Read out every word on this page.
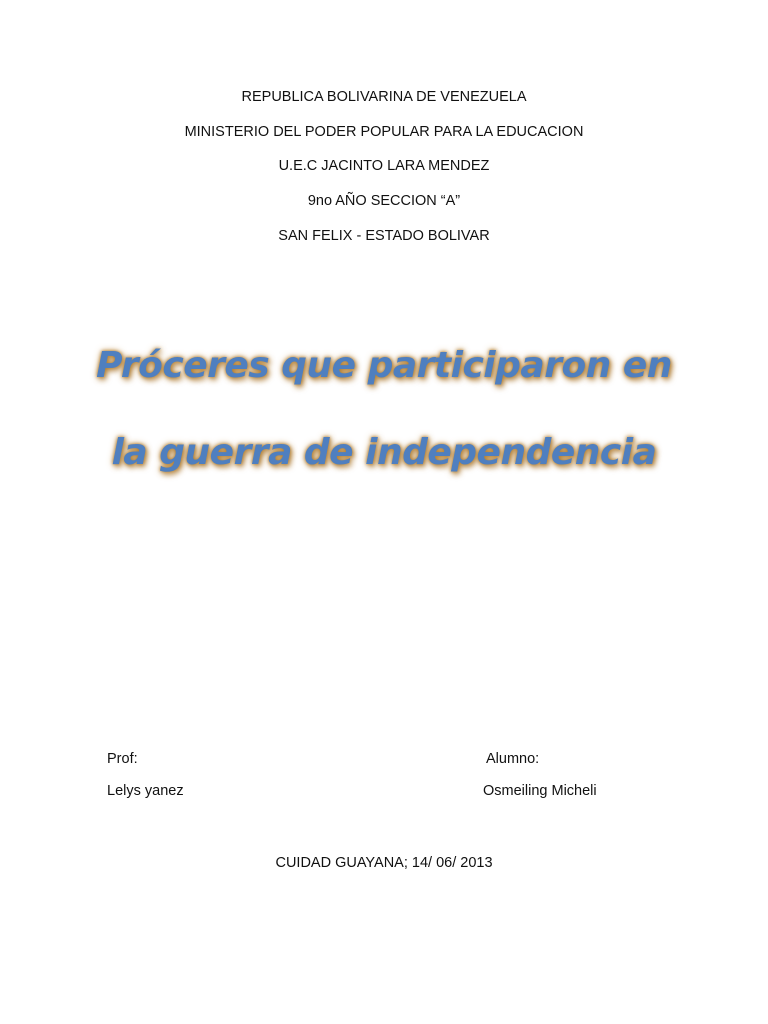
REPUBLICA BOLIVARINA DE VENEZUELA
MINISTERIO DEL PODER POPULAR PARA LA EDUCACION
U.E.C JACINTO LARA MENDEZ
9no AÑO SECCION “A”
SAN FELIX - ESTADO BOLIVAR
Próceres que participaron en
la guerra de independencia
Prof:
Lelys yanez
Alumno:
Osmeiling Micheli
CUIDAD GUAYANA; 14/ 06/ 2013
